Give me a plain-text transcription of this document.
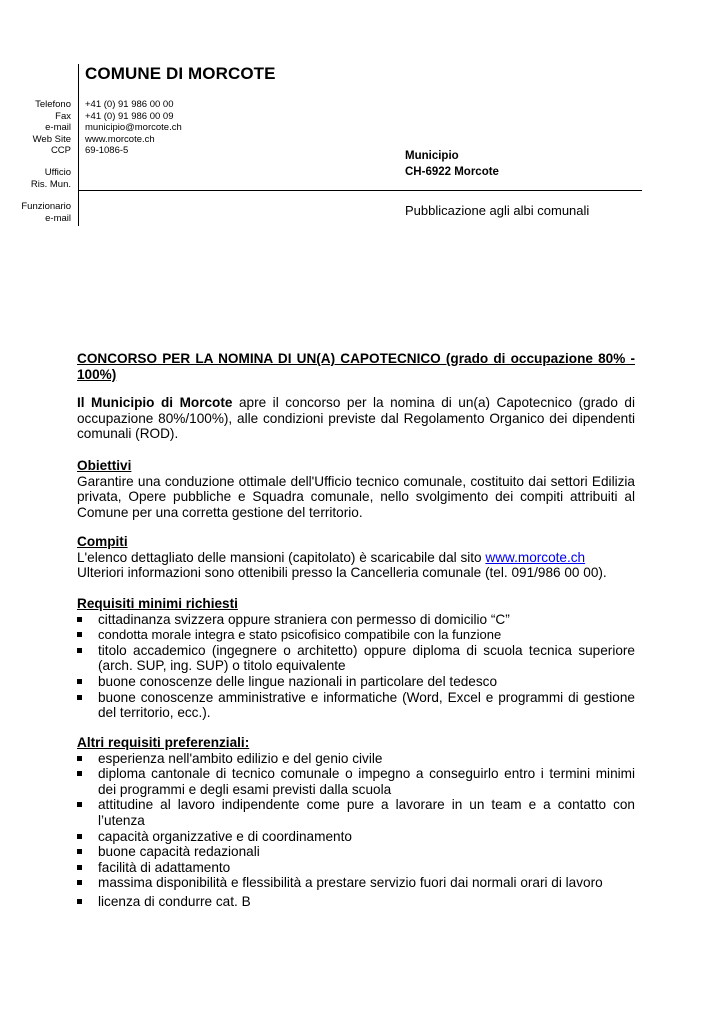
COMUNE DI MORCOTE
Telefono
Fax
e-mail
Web Site
CCP
Ufficio
Ris. Mun.
Funzionario
e-mail
+41 (0) 91 986 00 00
+41 (0) 91 986 00 09
municipio@morcote.ch
www.morcote.ch
69-1086-5	Municipio
CH-6922 Morcote
Pubblicazione agli albi comunali
CONCORSO PER LA NOMINA DI UN(A) CAPOTECNICO (grado di occupazione 80% - 100%)

Il Municipio di Morcote apre il concorso per la nomina di un(a) Capotecnico (grado di occupazione 80%/100%), alle condizioni previste dal Regolamento Organico dei dipendenti comunali (ROD).

Obiettivi

Garantire una conduzione ottimale dell'Ufficio tecnico comunale, costituito dai settori Edilizia privata, Opere pubbliche e Squadra comunale, nello svolgimento dei compiti attribuiti al Comune per una corretta gestione del territorio.

Compiti

L'elenco dettagliato delle mansioni (capitolato) è scaricabile dal sito www.morcote.ch

Ulteriori informazioni sono ottenibili presso la Cancelleria comunale (tel. 091/986 00 00).

Requisiti minimi richiesti
cittadinanza svizzera oppure straniera con permesso di domicilio “C”
condotta morale integra e stato psicofisico compatibile con la funzione
titolo accademico (ingegnere o architetto) oppure diploma di scuola tecnica superiore (arch. SUP, ing. SUP) o titolo equivalente
buone conoscenze delle lingue nazionali in particolare del tedesco
buone conoscenze amministrative e informatiche (Word, Excel e programmi di gestione del territorio, ecc.).
Altri requisiti preferenziali:
esperienza nell'ambito edilizio e del genio civile
diploma cantonale di tecnico comunale o impegno a conseguirlo entro i termini minimi dei programmi e degli esami previsti dalla scuola
attitudine al lavoro indipendente come pure a lavorare in un team e a contatto con l’utenza
capacità organizzative e di coordinamento
buone capacità redazionali
facilità di adattamento
massima disponibilità e flessibilità a prestare servizio fuori dai normali orari di lavoro
licenza di condurre cat. B
